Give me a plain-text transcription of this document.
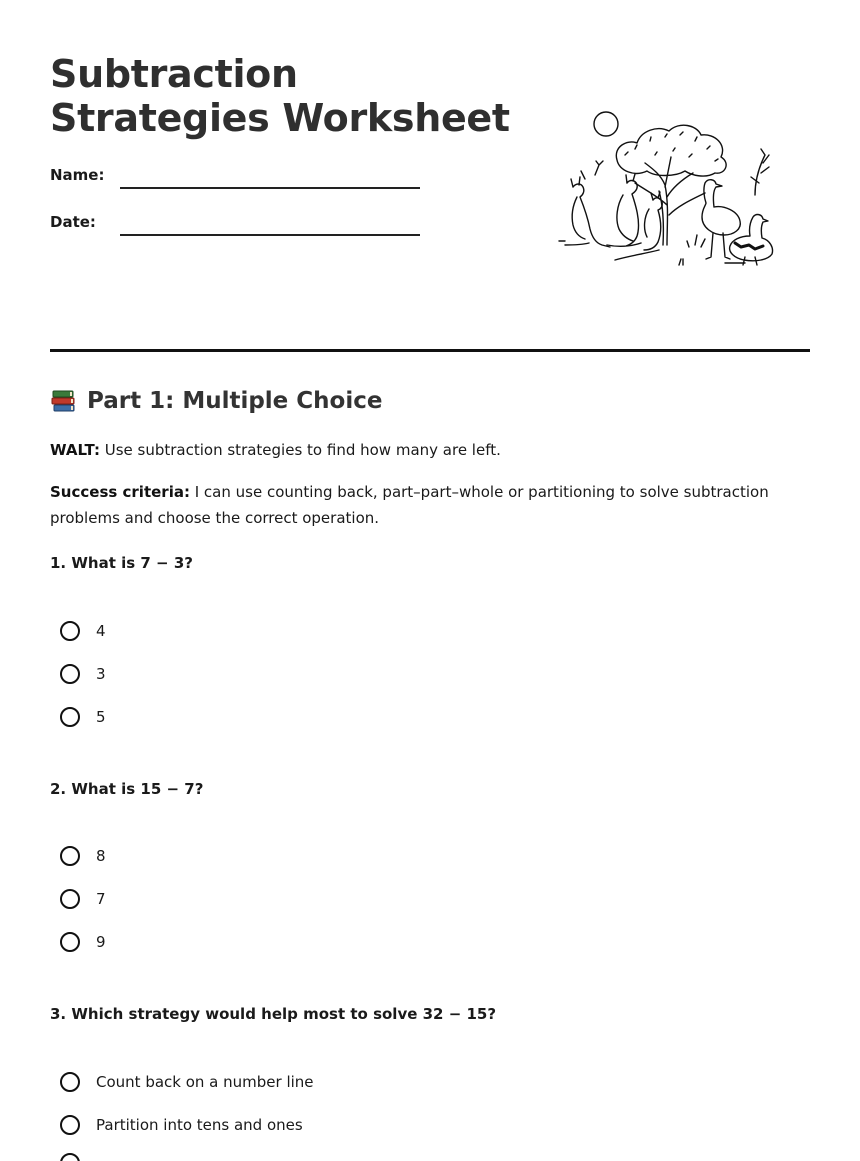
Subtraction Strategies Worksheet
Name:
Date:
Part 1: Multiple Choice

WALT: Use subtraction strategies to find how many are left.

Success criteria: I can use counting back, part–part–whole or partitioning to solve subtraction problems and choose the correct operation.

1. What is 7 − 3?

4
3
5

2. What is 15 − 7?

8
7
9

3. Which strategy would help most to solve 32 − 15?

Count back on a number line
Partition into tens and ones
